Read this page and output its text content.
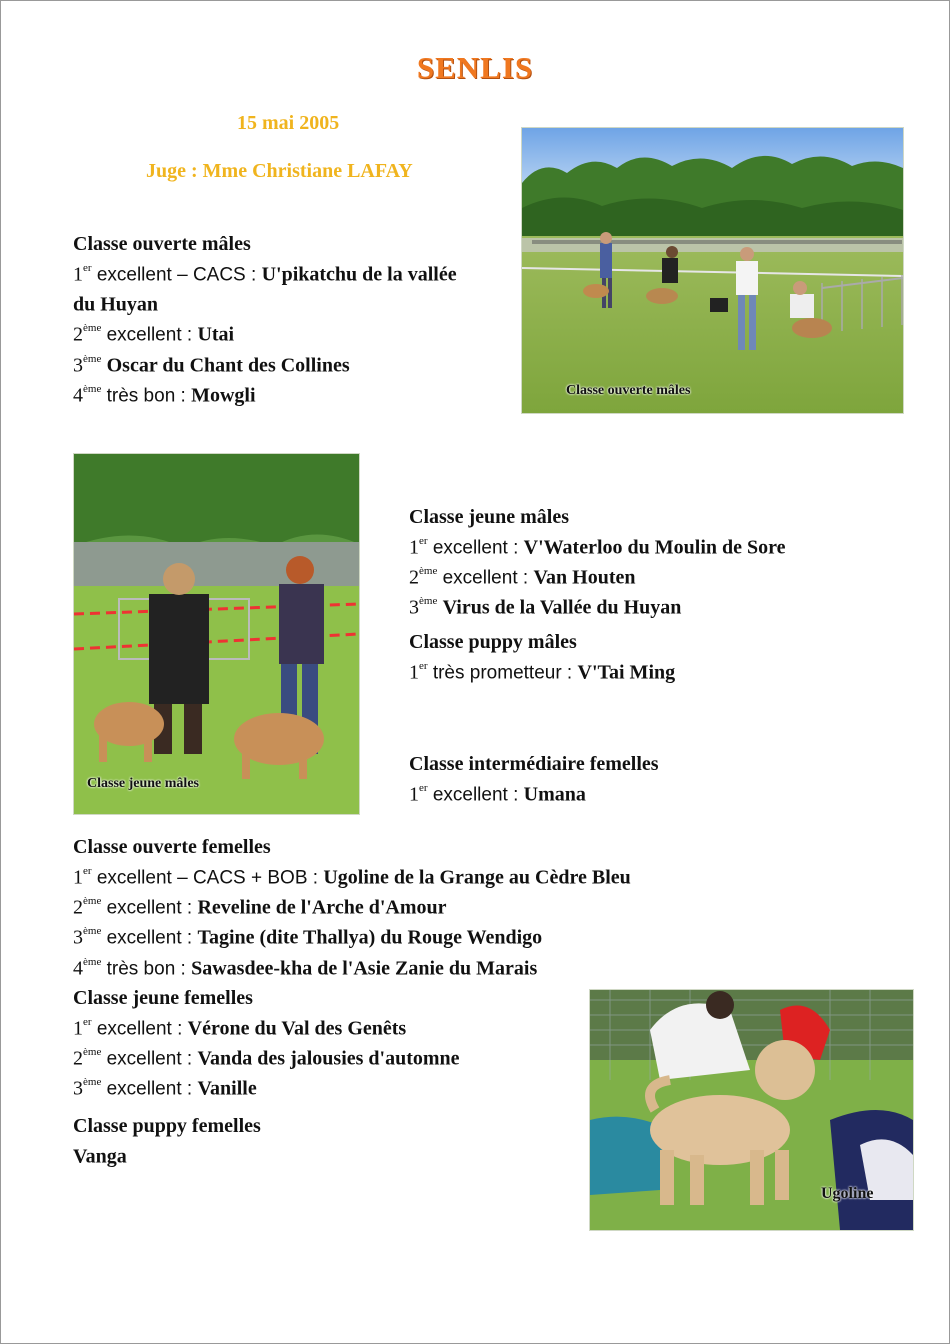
SENLIS
15 mai 2005
Juge : Mme Christiane LAFAY
Classe ouverte mâles
1er excellent – CACS : U'pikatchu de la vallée
du Huyan
2ème excellent : Utai
3ème Oscar du Chant des Collines
4ème très bon : Mowgli	Classe ouverte mâles
Classe jeune mâles
Classe jeune mâles
1er excellent : V'Waterloo du Moulin de Sore
2ème excellent : Van Houten
3ème Virus de la Vallée du Huyan
Classe puppy mâles
1er très prometteur : V'Tai Ming
Classe intermédiaire femelles
1er excellent : Umana
Classe ouverte femelles
1er excellent – CACS + BOB : Ugoline de la Grange au Cèdre Bleu
2ème excellent : Reveline de l'Arche d'Amour
3ème excellent : Tagine (dite Thallya) du Rouge Wendigo
4ème très bon : Sawasdee-kha de l'Asie Zanie du Marais
Classe jeune femelles
1er excellent : Vérone du Val des Genêts
2ème excellent : Vanda des jalousies d'automne
3ème excellent : Vanille
Classe puppy femelles
Vanga
Ugoline
